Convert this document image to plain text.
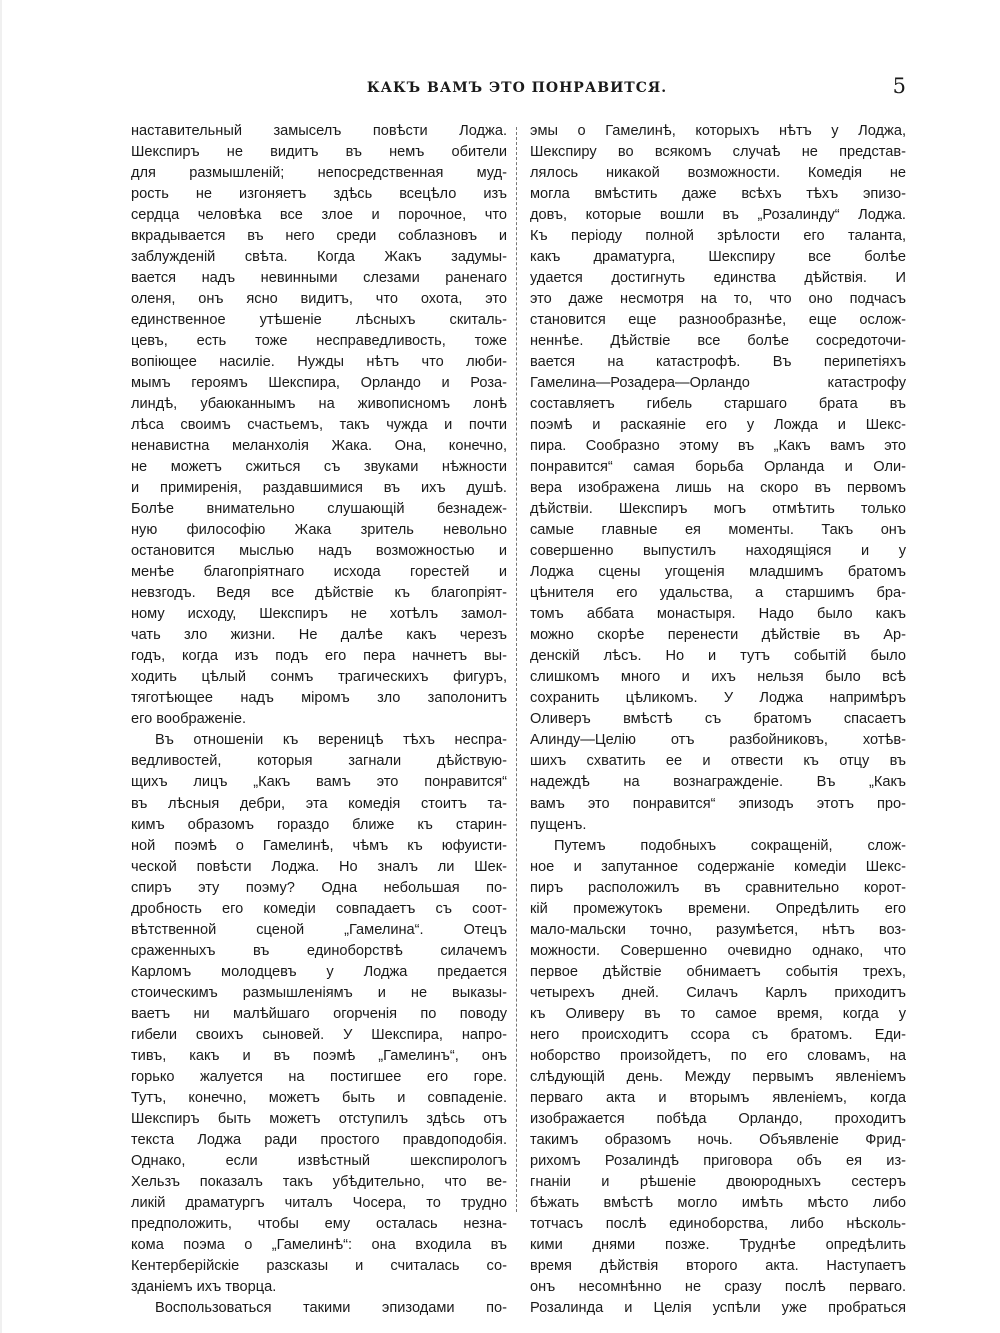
КАКЪ ВАМЪ ЭТО ПОНРАВИТСЯ.	5
наставительный замыселъ повѣсти Лоджа.
Шекспиръ не видитъ въ немъ обители
для размышленій; непосредственная муд-
рость не изгоняетъ здѣсь всецѣло изъ
сердца человѣка все злое и порочное, что
вкрадывается въ него среди соблазновъ и
заблужденій свѣта. Когда Жакъ задумы-
вается надъ невинными слезами раненаго
оленя, онъ ясно видитъ, что охота, это
единственное утѣшеніе лѣсныхъ скиталь-
цевъ, есть тоже несправедливость, тоже
вопіющее насиліе. Нужды нѣтъ что люби-
мымъ героямъ Шекспира, Орландо и Роза-
линдѣ, убаюканнымъ на живописномъ лонѣ
лѣса своимъ счастьемъ, такъ чужда и почти
ненавистна меланхолія Жака. Она, конечно,
не можетъ сжиться съ звуками нѣжности
и примиренія, раздавшимися въ ихъ душѣ.
Болѣе внимательно слушающій безнадеж-
ную философію Жака зритель невольно
остановится мыслью надъ возможностью и
менѣе благопріятнаго исхода горестей и
невзгодъ. Ведя все дѣйствіе къ благопріят-
ному исходу, Шекспиръ не хотѣлъ замол-
чать зло жизни. Не далѣе какъ черезъ
годъ, когда изъ подъ его пера начнетъ вы-
ходить цѣлый сонмъ трагическихъ фигуръ,
тяготѣющее надъ міромъ зло заполонитъ
его воображеніе.
Въ отношеніи къ вереницѣ тѣхъ неспра-
ведливостей, которыя загнали дѣйствую-
щихъ лицъ „Какъ вамъ это понравится“
въ лѣсныя дебри, эта комедія стоитъ та-
кимъ образомъ гораздо ближе къ старин-
ной поэмѣ о Гамелинѣ, чѣмъ къ юфуисти-
ческой повѣсти Лоджа. Но зналъ ли Шек-
спиръ эту поэму? Одна небольшая по-
дробность его комедіи совпадаетъ съ соот-
вѣтственной сценой „Гамелина“. Отецъ
сраженныхъ въ единоборствѣ силачемъ
Карломъ молодцевъ у Лоджа предается
стоическимъ размышленіямъ и не выказы-
ваетъ ни малѣйшаго огорченія по поводу
гибели своихъ сыновей. У Шекспира, напро-
тивъ, какъ и въ поэмѣ „Гамелинъ“, онъ
горько жалуется на постигшее его горе.
Тутъ, конечно, можетъ быть и совпаденіе.
Шекспиръ быть можетъ отступилъ здѣсь отъ
текста Лоджа ради простого правдоподобія.
Однако, если извѣстный шекспирологъ
Хельзъ показалъ такъ убѣдительно, что ве-
ликій драматургъ читалъ Чосера, то трудно
предположить, чтобы ему осталась незна-
кома поэма о „Гамелинѣ“: она входила въ
Кентерберійскіе разсказы и считалась со-
зданіемъ ихъ творца.
Воспользоваться такими эпизодами по-
эмы о Гамелинѣ, которыхъ нѣтъ у Лоджа,
Шекспиру во всякомъ случаѣ не представ-
лялось никакой возможности. Комедія не
могла вмѣстить даже всѣхъ тѣхъ эпизо-
довъ, которые вошли въ „Розалинду“ Лоджа.
Къ періоду полной зрѣлости его таланта,
какъ драматурга, Шекспиру все болѣе
удается достигнуть единства дѣйствія. И
это даже несмотря на то, что оно подчасъ
становится еще разнообразнѣе, еще ослож-
неннѣе. Дѣйствіе все болѣе сосредоточи-
вается на катастрофѣ. Въ перипетіяхъ
Гамелина—Розадера—Орландо катастрофу
составляетъ гибель старшаго брата въ
поэмѣ и раскаяніе его у Ложда и Шекс-
пира. Сообразно этому въ „Какъ вамъ это
понравится“ самая борьба Орланда и Оли-
вера изображена лишь на скоро въ первомъ
дѣйствіи. Шекспиръ могъ отмѣтить только
самые главные ея моменты. Такъ онъ
совершенно выпустилъ находящіяся и у
Лоджа сцены угощенія младшимъ братомъ
цѣнителя его удальства, а старшимъ бра-
томъ аббата монастыря. Надо было какъ
можно скорѣе перенести дѣйствіе въ Ар-
денскій лѣсъ. Но и тутъ событій было
слишкомъ много и ихъ нельзя было всѣ
сохранить цѣликомъ. У Лоджа напримѣръ
Оливеръ вмѣстѣ съ братомъ спасаетъ
Алинду—Целію отъ разбойниковъ, хотѣв-
шихъ схватить ее и отвести къ отцу въ
надеждѣ на вознагражденіе. Въ „Какъ
вамъ это понравится“ эпизодъ этотъ про-
пущенъ.
Путемъ подобныхъ сокращеній, слож-
ное и запутанное содержаніе комедіи Шекс-
пиръ расположилъ въ сравнительно корот-
кій промежутокъ времени. Опредѣлить его
мало-мальски точно, разумѣется, нѣтъ воз-
можности. Совершенно очевидно однако, что
первое дѣйствіе обнимаетъ событія трехъ,
четырехъ дней. Силачъ Карлъ приходитъ
къ Оливеру въ то самое время, когда у
него происходитъ ссора съ братомъ. Еди-
ноборство произойдетъ, по его словамъ, на
слѣдующій день. Между первымъ явленіемъ
перваго акта и вторымъ явленіемъ, когда
изображается побѣда Орландо, проходитъ
такимъ образомъ ночь. Объявленіе Фрид-
рихомъ Розалиндѣ приговора объ ея из-
гнаніи и рѣшеніе двоюродныхъ сестеръ
бѣжать вмѣстѣ могло имѣть мѣсто либо
тотчасъ послѣ единоборства, либо нѣсколь-
кими днями позже. Труднѣе опредѣлить
время дѣйствія второго акта. Наступаетъ
онъ несомнѣнно не сразу послѣ перваго.
Розалинда и Целія успѣли уже пробраться
